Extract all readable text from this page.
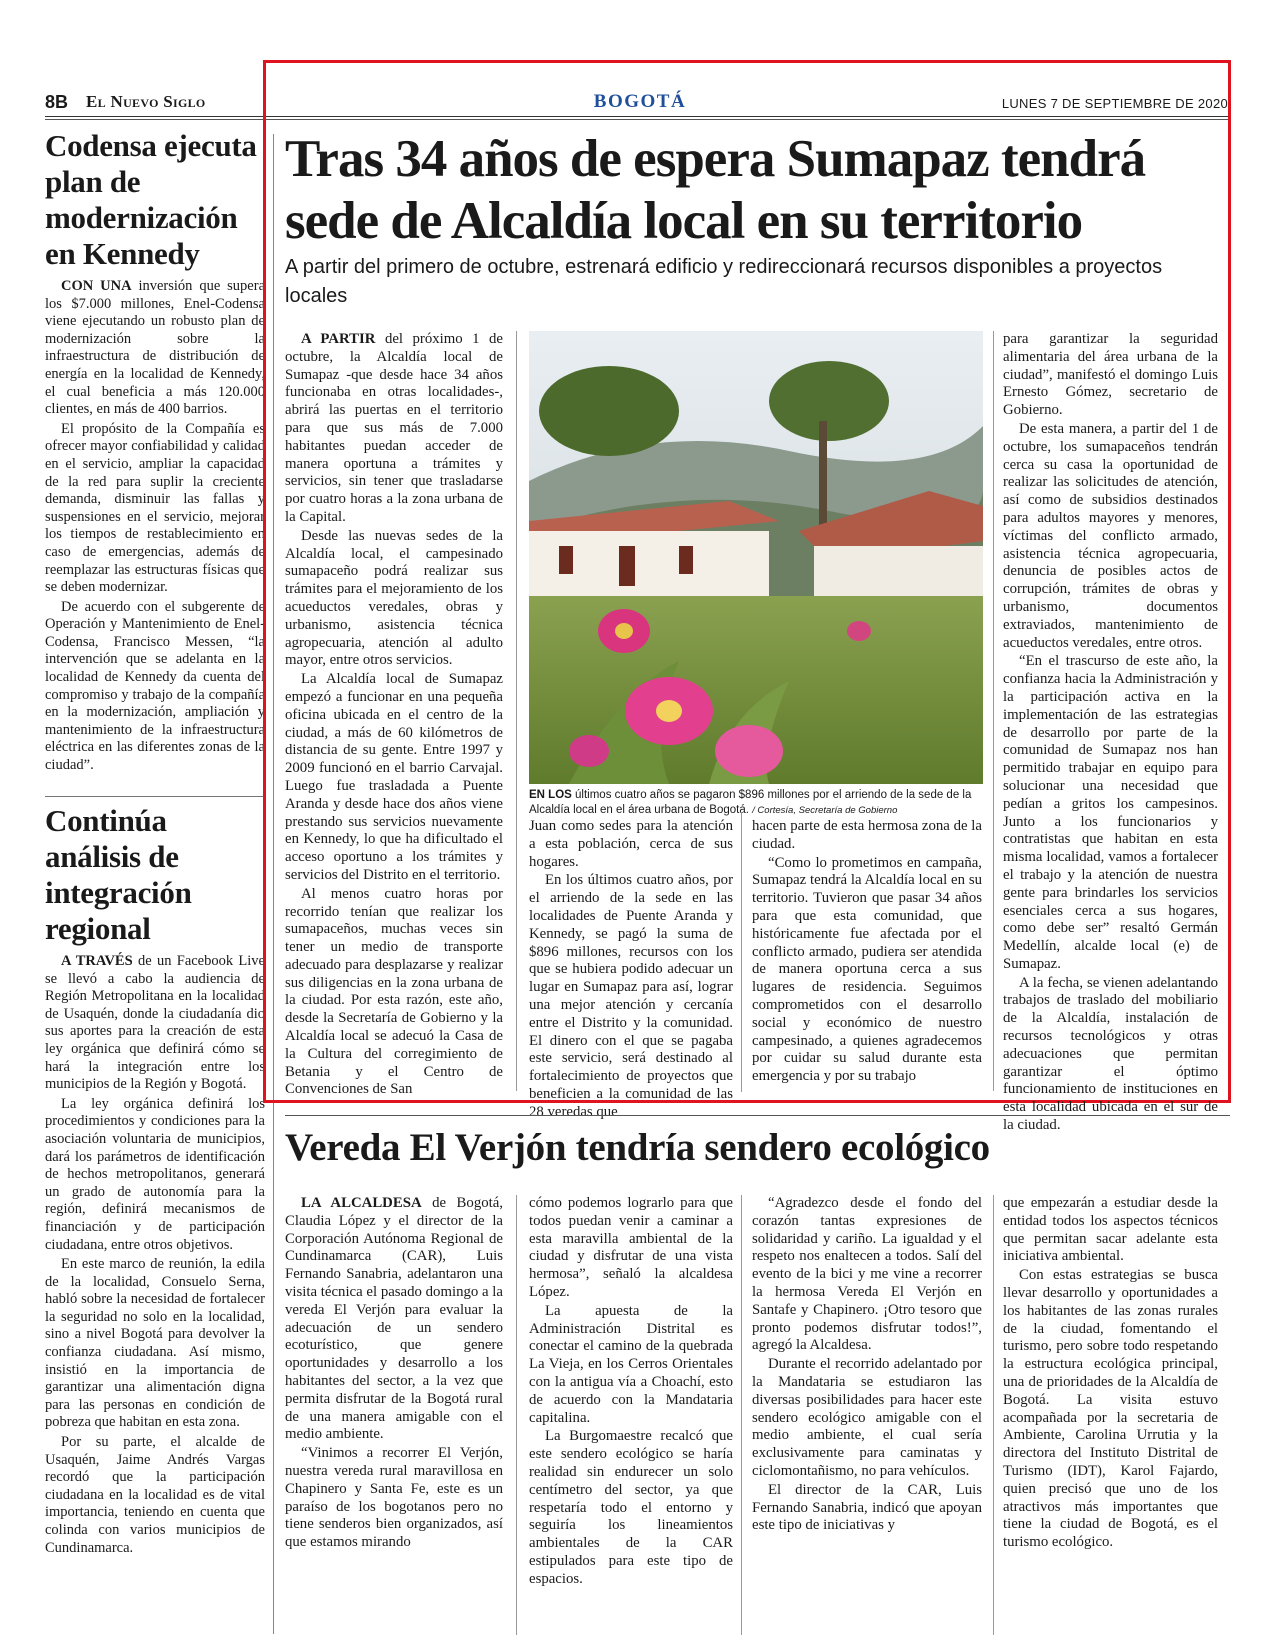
8B El Nuevo Siglo	BOGOTÁ	LUNES 7 DE SEPTIEMBRE DE 2020
Codensa ejecuta plan de modernización en Kennedy

CON UNA inversión que supera los $7.000 millones, Enel-Codensa viene ejecutando un robusto plan de modernización sobre la infraestructura de distribución de energía en la localidad de Kennedy, el cual beneficia a más 120.000 clientes, en más de 400 barrios.

El propósito de la Compañía es ofrecer mayor confiabilidad y calidad en el servicio, ampliar la capacidad de la red para suplir la creciente demanda, disminuir las fallas y suspensiones en el servicio, mejorar los tiempos de restablecimiento en caso de emergencias, además de reemplazar las estructuras físicas que se deben modernizar.

De acuerdo con el subgerente de Operación y Mantenimiento de Enel-Codensa, Francisco Messen, “la intervención que se adelanta en la localidad de Kennedy da cuenta del compromiso y trabajo de la compañía en la modernización, ampliación y mantenimiento de la infraestructura eléctrica en las diferentes zonas de la ciudad”.

Continúa análisis de integración regional

A TRAVÉS de un Facebook Live se llevó a cabo la audiencia de Región Metropolitana en la localidad de Usaquén, donde la ciudadanía dio sus aportes para la creación de esta ley orgánica que definirá cómo se hará la integración entre los municipios de la Región y Bogotá.

La ley orgánica definirá los procedimientos y condiciones para la asociación voluntaria de municipios, dará los parámetros de identificación de hechos metropolitanos, generará un grado de autonomía para la región, definirá mecanismos de financiación y de participación ciudadana, entre otros objetivos.

En este marco de reunión, la edila de la localidad, Consuelo Serna, habló sobre la necesidad de fortalecer la seguridad no solo en la localidad, sino a nivel Bogotá para devolver la confianza ciudadana. Así mismo, insistió en la importancia de garantizar una alimentación digna para las personas en condición de pobreza que habitan en esta zona.

Por su parte, el alcalde de Usaquén, Jaime Andrés Vargas recordó que la participación ciudadana en la localidad es de vital importancia, teniendo en cuenta que colinda con varios municipios de Cundinamarca.

Tras 34 años de espera Sumapaz tendrá sede de Alcaldía local en su territorio
A partir del primero de octubre, estrenará edificio y redireccionará recursos disponibles a proyectos locales

A PARTIR del próximo 1 de octubre, la Alcaldía local de Sumapaz -que desde hace 34 años funcionaba en otras localidades-, abrirá las puertas en el territorio para que sus más de 7.000 habitantes puedan acceder de manera oportuna a trámites y servicios, sin tener que trasladarse por cuatro horas a la zona urbana de la Capital.

Desde las nuevas sedes de la Alcaldía local, el campesinado sumapaceño podrá realizar sus trámites para el mejoramiento de los acueductos veredales, obras y urbanismo, asistencia técnica agropecuaria, atención al adulto mayor, entre otros servicios.

La Alcaldía local de Sumapaz empezó a funcionar en una pequeña oficina ubicada en el centro de la ciudad, a más de 60 kilómetros de distancia de su gente. Entre 1997 y 2009 funcionó en el barrio Carvajal. Luego fue trasladada a Puente Aranda y desde hace dos años viene prestando sus servicios nuevamente en Kennedy, lo que ha dificultado el acceso oportuno a los trámites y servicios del Distrito en el territorio.

Al menos cuatro horas por recorrido tenían que realizar los sumapaceños, muchas veces sin tener un medio de transporte adecuado para desplazarse y realizar sus diligencias en la zona urbana de la ciudad. Por esta razón, este año, desde la Secretaría de Gobierno y la Alcaldía local se adecuó la Casa de la Cultura del corregimiento de Betania y el Centro de Convenciones de San

EN LOS últimos cuatro años se pagaron $896 millones por el arriendo de la sede de la Alcaldía local en el área urbana de Bogotá. / Cortesía, Secretaría de Gobierno

Juan como sedes para la atención a esta población, cerca de sus hogares.

En los últimos cuatro años, por el arriendo de la sede en las localidades de Puente Aranda y Kennedy, se pagó la suma de $896 millones, recursos con los que se hubiera podido adecuar un lugar en Sumapaz para así, lograr una mejor atención y cercanía entre el Distrito y la comunidad. El dinero con el que se pagaba este servicio, será destinado al fortalecimiento de proyectos que beneficien a la comunidad de las 28 veredas que

hacen parte de esta hermosa zona de la ciudad.

“Como lo prometimos en campaña, Sumapaz tendrá la Alcaldía local en su territorio. Tuvieron que pasar 34 años para que esta comunidad, que históricamente fue afectada por el conflicto armado, pudiera ser atendida de manera oportuna cerca a sus lugares de residencia. Seguimos comprometidos con el desarrollo social y económico de nuestro campesinado, a quienes agradecemos por cuidar su salud durante esta emergencia y por su trabajo

para garantizar la seguridad alimentaria del área urbana de la ciudad”, manifestó el domingo Luis Ernesto Gómez, secretario de Gobierno.

De esta manera, a partir del 1 de octubre, los sumapaceños tendrán cerca su casa la oportunidad de realizar las solicitudes de atención, así como de subsidios destinados para adultos mayores y menores, víctimas del conflicto armado, asistencia técnica agropecuaria, denuncia de posibles actos de corrupción, trámites de obras y urbanismo, documentos extraviados, mantenimiento de acueductos veredales, entre otros.

“En el trascurso de este año, la confianza hacia la Administración y la participación activa en la implementación de las estrategias de desarrollo por parte de la comunidad de Sumapaz nos han permitido trabajar en equipo para solucionar una necesidad que pedían a gritos los campesinos. Junto a los funcionarios y contratistas que habitan en esta misma localidad, vamos a fortalecer el trabajo y la atención de nuestra gente para brindarles los servicios esenciales cerca a sus hogares, como debe ser” resaltó Germán Medellín, alcalde local (e) de Sumapaz.

A la fecha, se vienen adelantando trabajos de traslado del mobiliario de la Alcaldía, instalación de recursos tecnológicos y otras adecuaciones que permitan garantizar el óptimo funcionamiento de instituciones en esta localidad ubicada en el sur de la ciudad.

Vereda El Verjón tendría sendero ecológico

LA ALCALDESA de Bogotá, Claudia López y el director de la Corporación Autónoma Regional de Cundinamarca (CAR), Luis Fernando Sanabria, adelantaron una visita técnica el pasado domingo a la vereda El Verjón para evaluar la adecuación de un sendero ecoturístico, que genere oportunidades y desarrollo a los habitantes del sector, a la vez que permita disfrutar de la Bogotá rural de una manera amigable con el medio ambiente.

“Vinimos a recorrer El Verjón, nuestra vereda rural maravillosa en Chapinero y Santa Fe, este es un paraíso de los bogotanos pero no tiene senderos bien organizados, así que estamos mirando

cómo podemos lograrlo para que todos puedan venir a caminar a esta maravilla ambiental de la ciudad y disfrutar de una vista hermosa”, señaló la alcaldesa López.

La apuesta de la Administración Distrital es conectar el camino de la quebrada La Vieja, en los Cerros Orientales con la antigua vía a Choachí, esto de acuerdo con la Mandataria capitalina.

La Burgomaestre recalcó que este sendero ecológico se haría realidad sin endurecer un solo centímetro del sector, ya que respetaría todo el entorno y seguiría los lineamientos ambientales de la CAR estipulados para este tipo de espacios.

“Agradezco desde el fondo del corazón tantas expresiones de solidaridad y cariño. La igualdad y el respeto nos enaltecen a todos. Salí del evento de la bici y me vine a recorrer la hermosa Vereda El Verjón en Santafe y Chapinero. ¡Otro tesoro que pronto podemos disfrutar todos!”, agregó la Alcaldesa.

Durante el recorrido adelantado por la Mandataria se estudiaron las diversas posibilidades para hacer este sendero ecológico amigable con el medio ambiente, el cual sería exclusivamente para caminatas y ciclomontañismo, no para vehículos.

El director de la CAR, Luis Fernando Sanabria, indicó que apoyan este tipo de iniciativas y

que empezarán a estudiar desde la entidad todos los aspectos técnicos que permitan sacar adelante esta iniciativa ambiental.

Con estas estrategias se busca llevar desarrollo y oportunidades a los habitantes de las zonas rurales de la ciudad, fomentando el turismo, pero sobre todo respetando la estructura ecológica principal, una de prioridades de la Alcaldía de Bogotá. La visita estuvo acompañada por la secretaria de Ambiente, Carolina Urrutia y la directora del Instituto Distrital de Turismo (IDT), Karol Fajardo, quien precisó que uno de los atractivos más importantes que tiene la ciudad de Bogotá, es el turismo ecológico.
